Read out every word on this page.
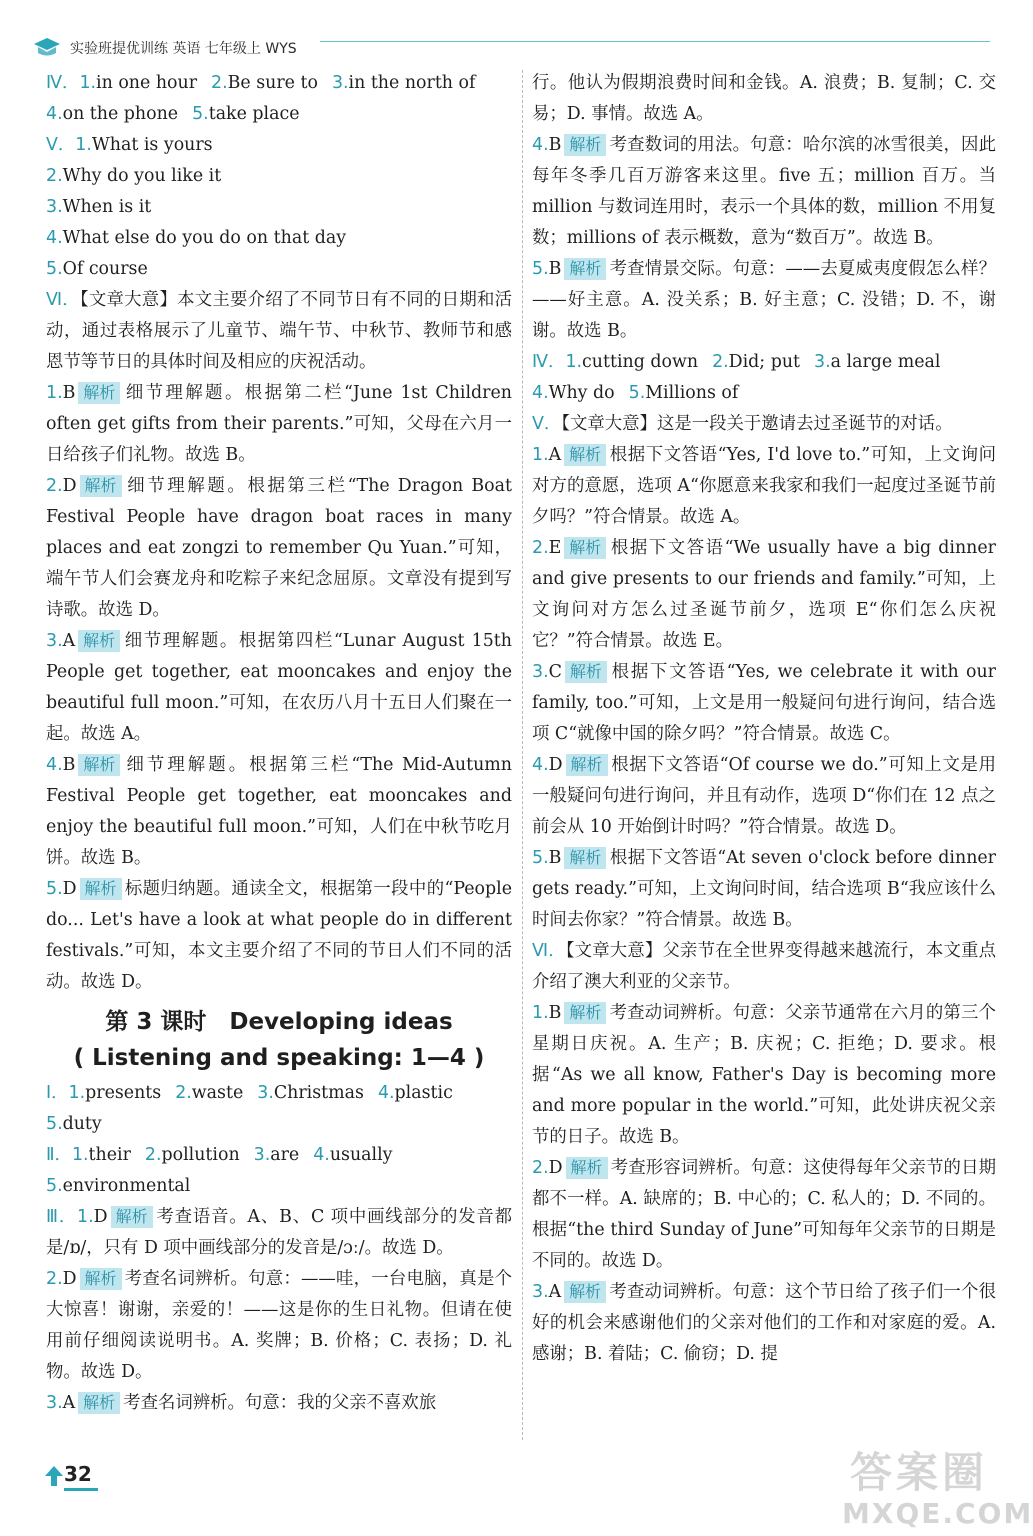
实验班提优训练 英语 七年级上 WYS
Ⅳ．1.in one hour 2.Be sure to 3.in the north of
4.on the phone 5.take place
Ⅴ．1.What is yours
2.Why do you like it
3.When is it
4.What else do you do on that day
5.Of course
Ⅵ．【文章大意】本文主要介绍了不同节日有不同的日期和活动，通过表格展示了儿童节、端午节、中秋节、教师节和感恩节等节日的具体时间及相应的庆祝活动。
1.B 解析 细节理解题。根据第二栏“June 1st Children often get gifts from their parents.”可知，父母在六月一日给孩子们礼物。故选 B。
2.D 解析 细节理解题。根据第三栏“The Dragon Boat Festival People have dragon boat races in many places and eat zongzi to remember Qu Yuan.”可知，端午节人们会赛龙舟和吃粽子来纪念屈原。文章没有提到写诗歌。故选 D。
3.A 解析 细节理解题。根据第四栏“Lunar August 15th People get together, eat mooncakes and enjoy the beautiful full moon.”可知，在农历八月十五日人们聚在一起。故选 A。
4.B 解析 细节理解题。根据第三栏“The Mid-Autumn Festival People get together, eat mooncakes and enjoy the beautiful full moon.”可知，人们在中秋节吃月饼。故选 B。
5.D 解析 标题归纳题。通读全文，根据第一段中的“People do... Let's have a look at what people do in different festivals.”可知，本文主要介绍了不同的节日人们不同的活动。故选 D。
第 3 课时　Developing ideas
( Listening and speaking: 1—4 )
Ⅰ．1.presents 2.waste 3.Christmas 4.plastic
5.duty
Ⅱ．1.their 2.pollution 3.are 4.usually
5.environmental
Ⅲ．1.D 解析 考查语音。A、B、C 项中画线部分的发音都是/ɒ/，只有 D 项中画线部分的发音是/ɔː/。故选 D。
2.D 解析 考查名词辨析。句意：——哇，一台电脑，真是个大惊喜！谢谢，亲爱的！——这是你的生日礼物。但请在使用前仔细阅读说明书。A. 奖牌；B. 价格；C. 表扬；D. 礼物。故选 D。
3.A 解析 考查名词辨析。句意：我的父亲不喜欢旅
行。他认为假期浪费时间和金钱。A. 浪费；B. 复制；C. 交易；D. 事情。故选 A。
4.B 解析 考查数词的用法。句意：哈尔滨的冰雪很美，因此每年冬季几百万游客来这里。five 五；million 百万。当 million 与数词连用时，表示一个具体的数，million 不用复数；millions of 表示概数，意为“数百万”。故选 B。
5.B 解析 考查情景交际。句意：——去夏威夷度假怎么样？——好主意。A. 没关系；B. 好主意；C. 没错；D. 不，谢谢。故选 B。
Ⅳ．1.cutting down 2.Did; put 3.a large meal
4.Why do 5.Millions of
Ⅴ．【文章大意】这是一段关于邀请去过圣诞节的对话。
1.A 解析 根据下文答语“Yes, I'd love to.”可知，上文询问对方的意愿，选项 A“你愿意来我家和我们一起度过圣诞节前夕吗？”符合情景。故选 A。
2.E 解析 根据下文答语“We usually have a big dinner and give presents to our friends and family.”可知，上文询问对方怎么过圣诞节前夕，选项 E“你们怎么庆祝它？”符合情景。故选 E。
3.C 解析 根据下文答语“Yes, we celebrate it with our family, too.”可知，上文是用一般疑问句进行询问，结合选项 C“就像中国的除夕吗？”符合情景。故选 C。
4.D 解析 根据下文答语“Of course we do.”可知上文是用一般疑问句进行询问，并且有动作，选项 D“你们在 12 点之前会从 10 开始倒计时吗？”符合情景。故选 D。
5.B 解析 根据下文答语“At seven o'clock before dinner gets ready.”可知，上文询问时间，结合选项 B“我应该什么时间去你家？”符合情景。故选 B。
Ⅵ．【文章大意】父亲节在全世界变得越来越流行，本文重点介绍了澳大利亚的父亲节。
1.B 解析 考查动词辨析。句意：父亲节通常在六月的第三个星期日庆祝。A. 生产；B. 庆祝；C. 拒绝；D. 要求。根据“As we all know, Father's Day is becoming more and more popular in the world.”可知，此处讲庆祝父亲节的日子。故选 B。
2.D 解析 考查形容词辨析。句意：这使得每年父亲节的日期都不一样。A. 缺席的；B. 中心的；C. 私人的；D. 不同的。根据“the third Sunday of June”可知每年父亲节的日期是不同的。故选 D。
3.A 解析 考查动词辨析。句意：这个节日给了孩子们一个很好的机会来感谢他们的父亲对他们的工作和对家庭的爱。A. 感谢；B. 着陆；C. 偷窃；D. 提
32	答案圈
MXQE.COM
